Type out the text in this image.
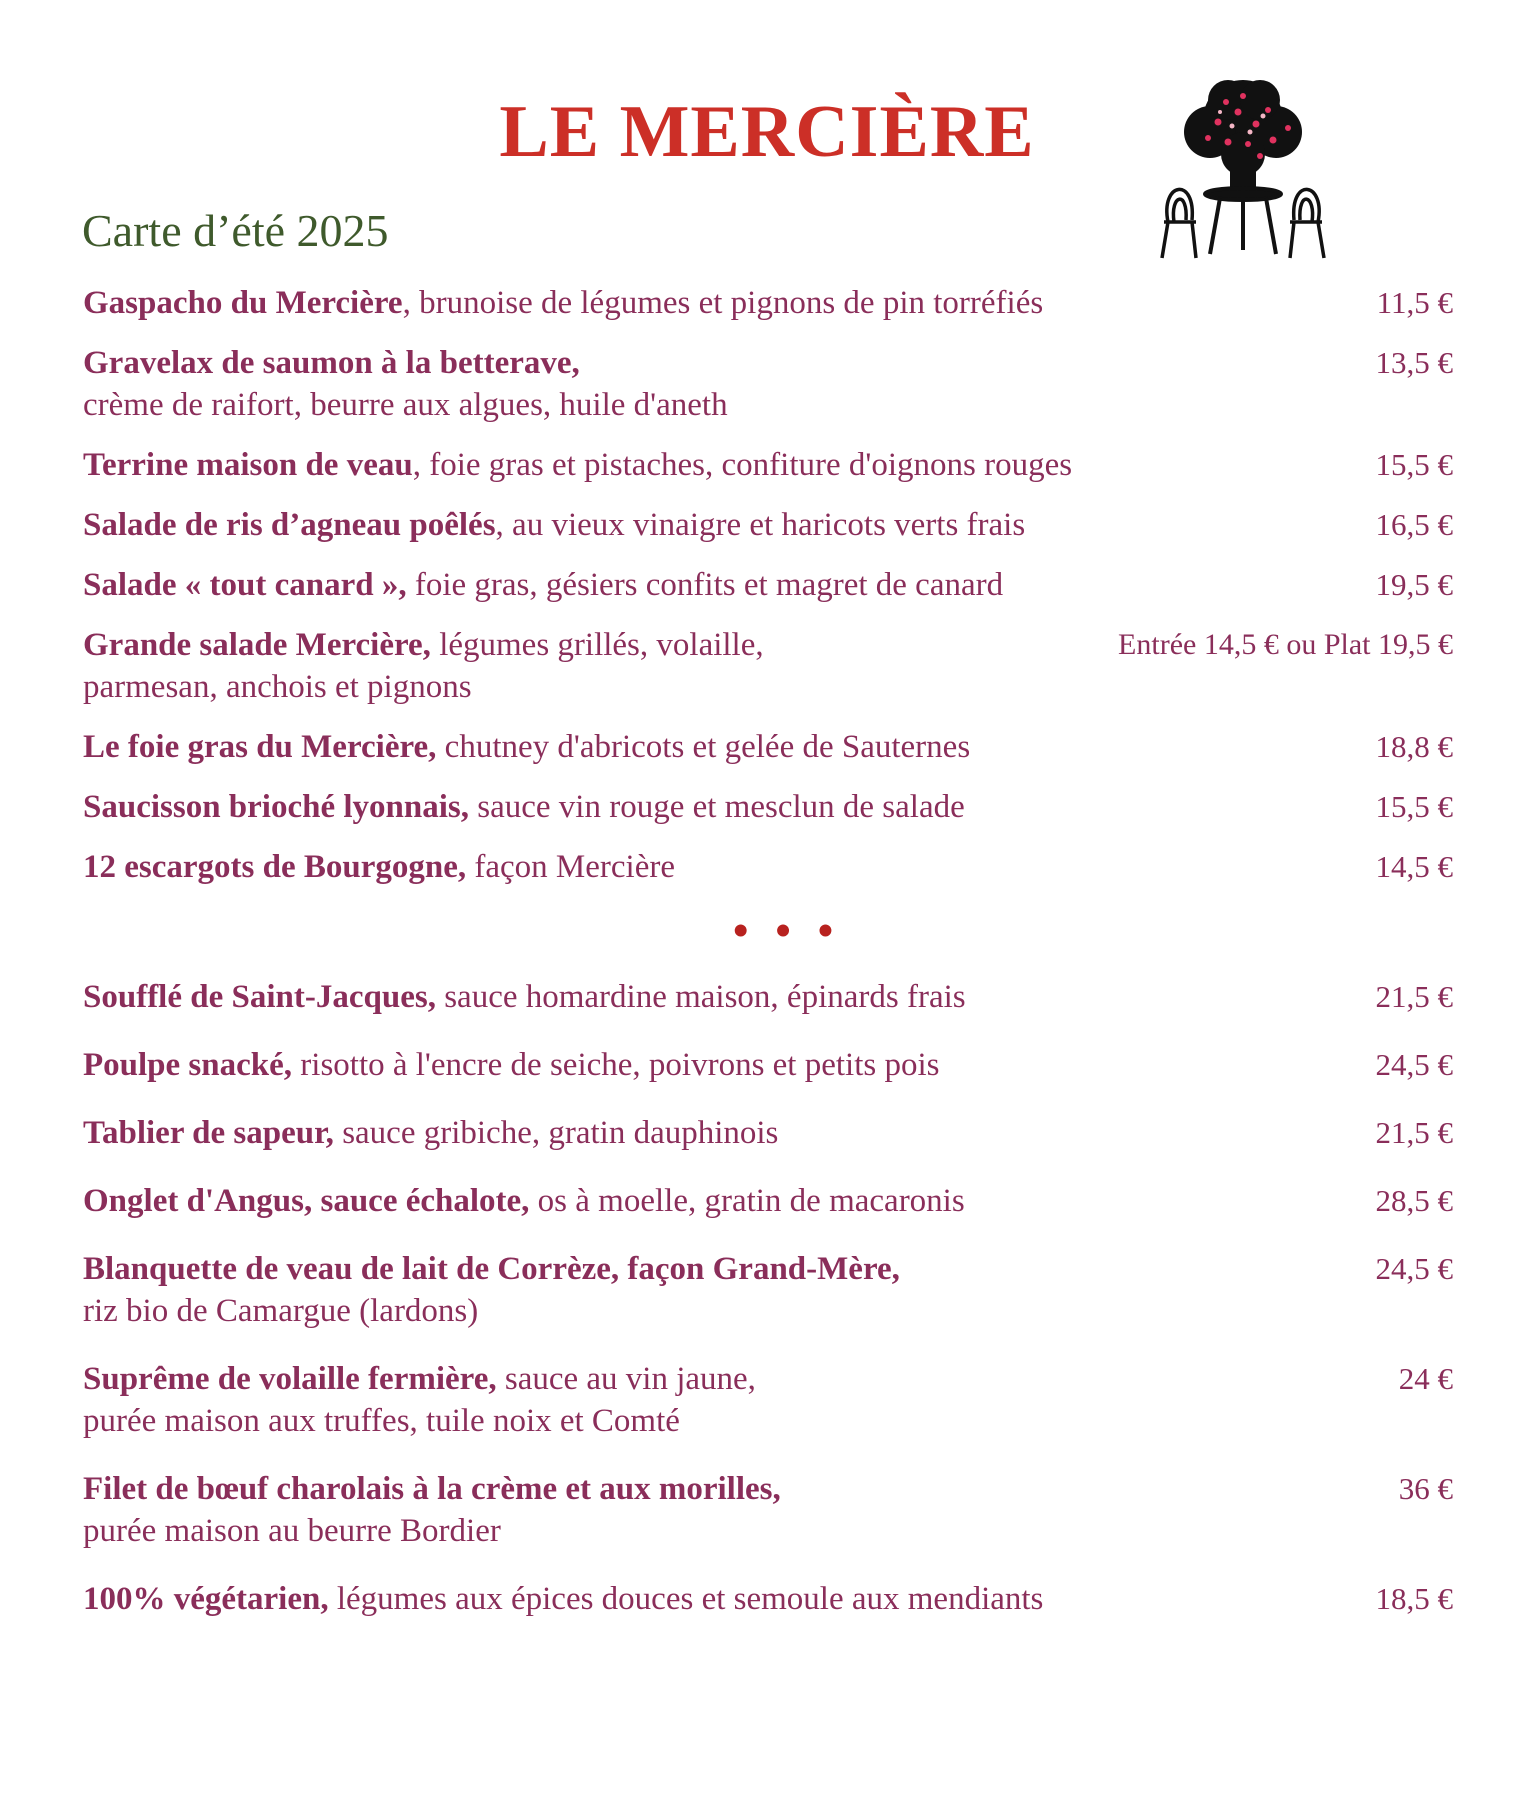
LE MERCIÈRE
Carte d’été 2025
Gaspacho du Mercière, brunoise de légumes et pignons de pin torréfiés	11,5 €
Gravelax de saumon à la betterave,
crème de raifort, beurre aux algues, huile d'aneth
13,5 €
Terrine maison de veau, foie gras et pistaches, confiture d'oignons rouges	15,5 €
Salade de ris d’agneau poêlés, au vieux vinaigre et haricots verts frais	16,5 €
Salade « tout canard », foie gras, gésiers confits et magret de canard	19,5 €
Grande salade Mercière, légumes grillés, volaille,
parmesan, anchois et pignons
Entrée 14,5 € ou Plat 19,5 €
Le foie gras du Mercière, chutney d'abricots et gelée de Sauternes	18,8 €
Saucisson brioché lyonnais, sauce vin rouge et mesclun de salade	15,5 €
12 escargots de Bourgogne, façon Mercière	14,5 €
• • •
Soufflé de Saint-Jacques, sauce homardine maison, épinards frais	21,5 €
Poulpe snacké, risotto à l'encre de seiche, poivrons et petits pois	24,5 €
Tablier de sapeur, sauce gribiche, gratin dauphinois	21,5 €
Onglet d'Angus, sauce échalote, os à moelle, gratin de macaronis	28,5 €
Blanquette de veau de lait de Corrèze, façon Grand-Mère,
riz bio de Camargue (lardons)
24,5 €
Suprême de volaille fermière, sauce au vin jaune,
purée maison aux truffes, tuile noix et Comté
24 €
Filet de bœuf charolais à la crème et aux morilles,
purée maison au beurre Bordier
36 €
100% végétarien, légumes aux épices douces et semoule aux mendiants	18,5 €
